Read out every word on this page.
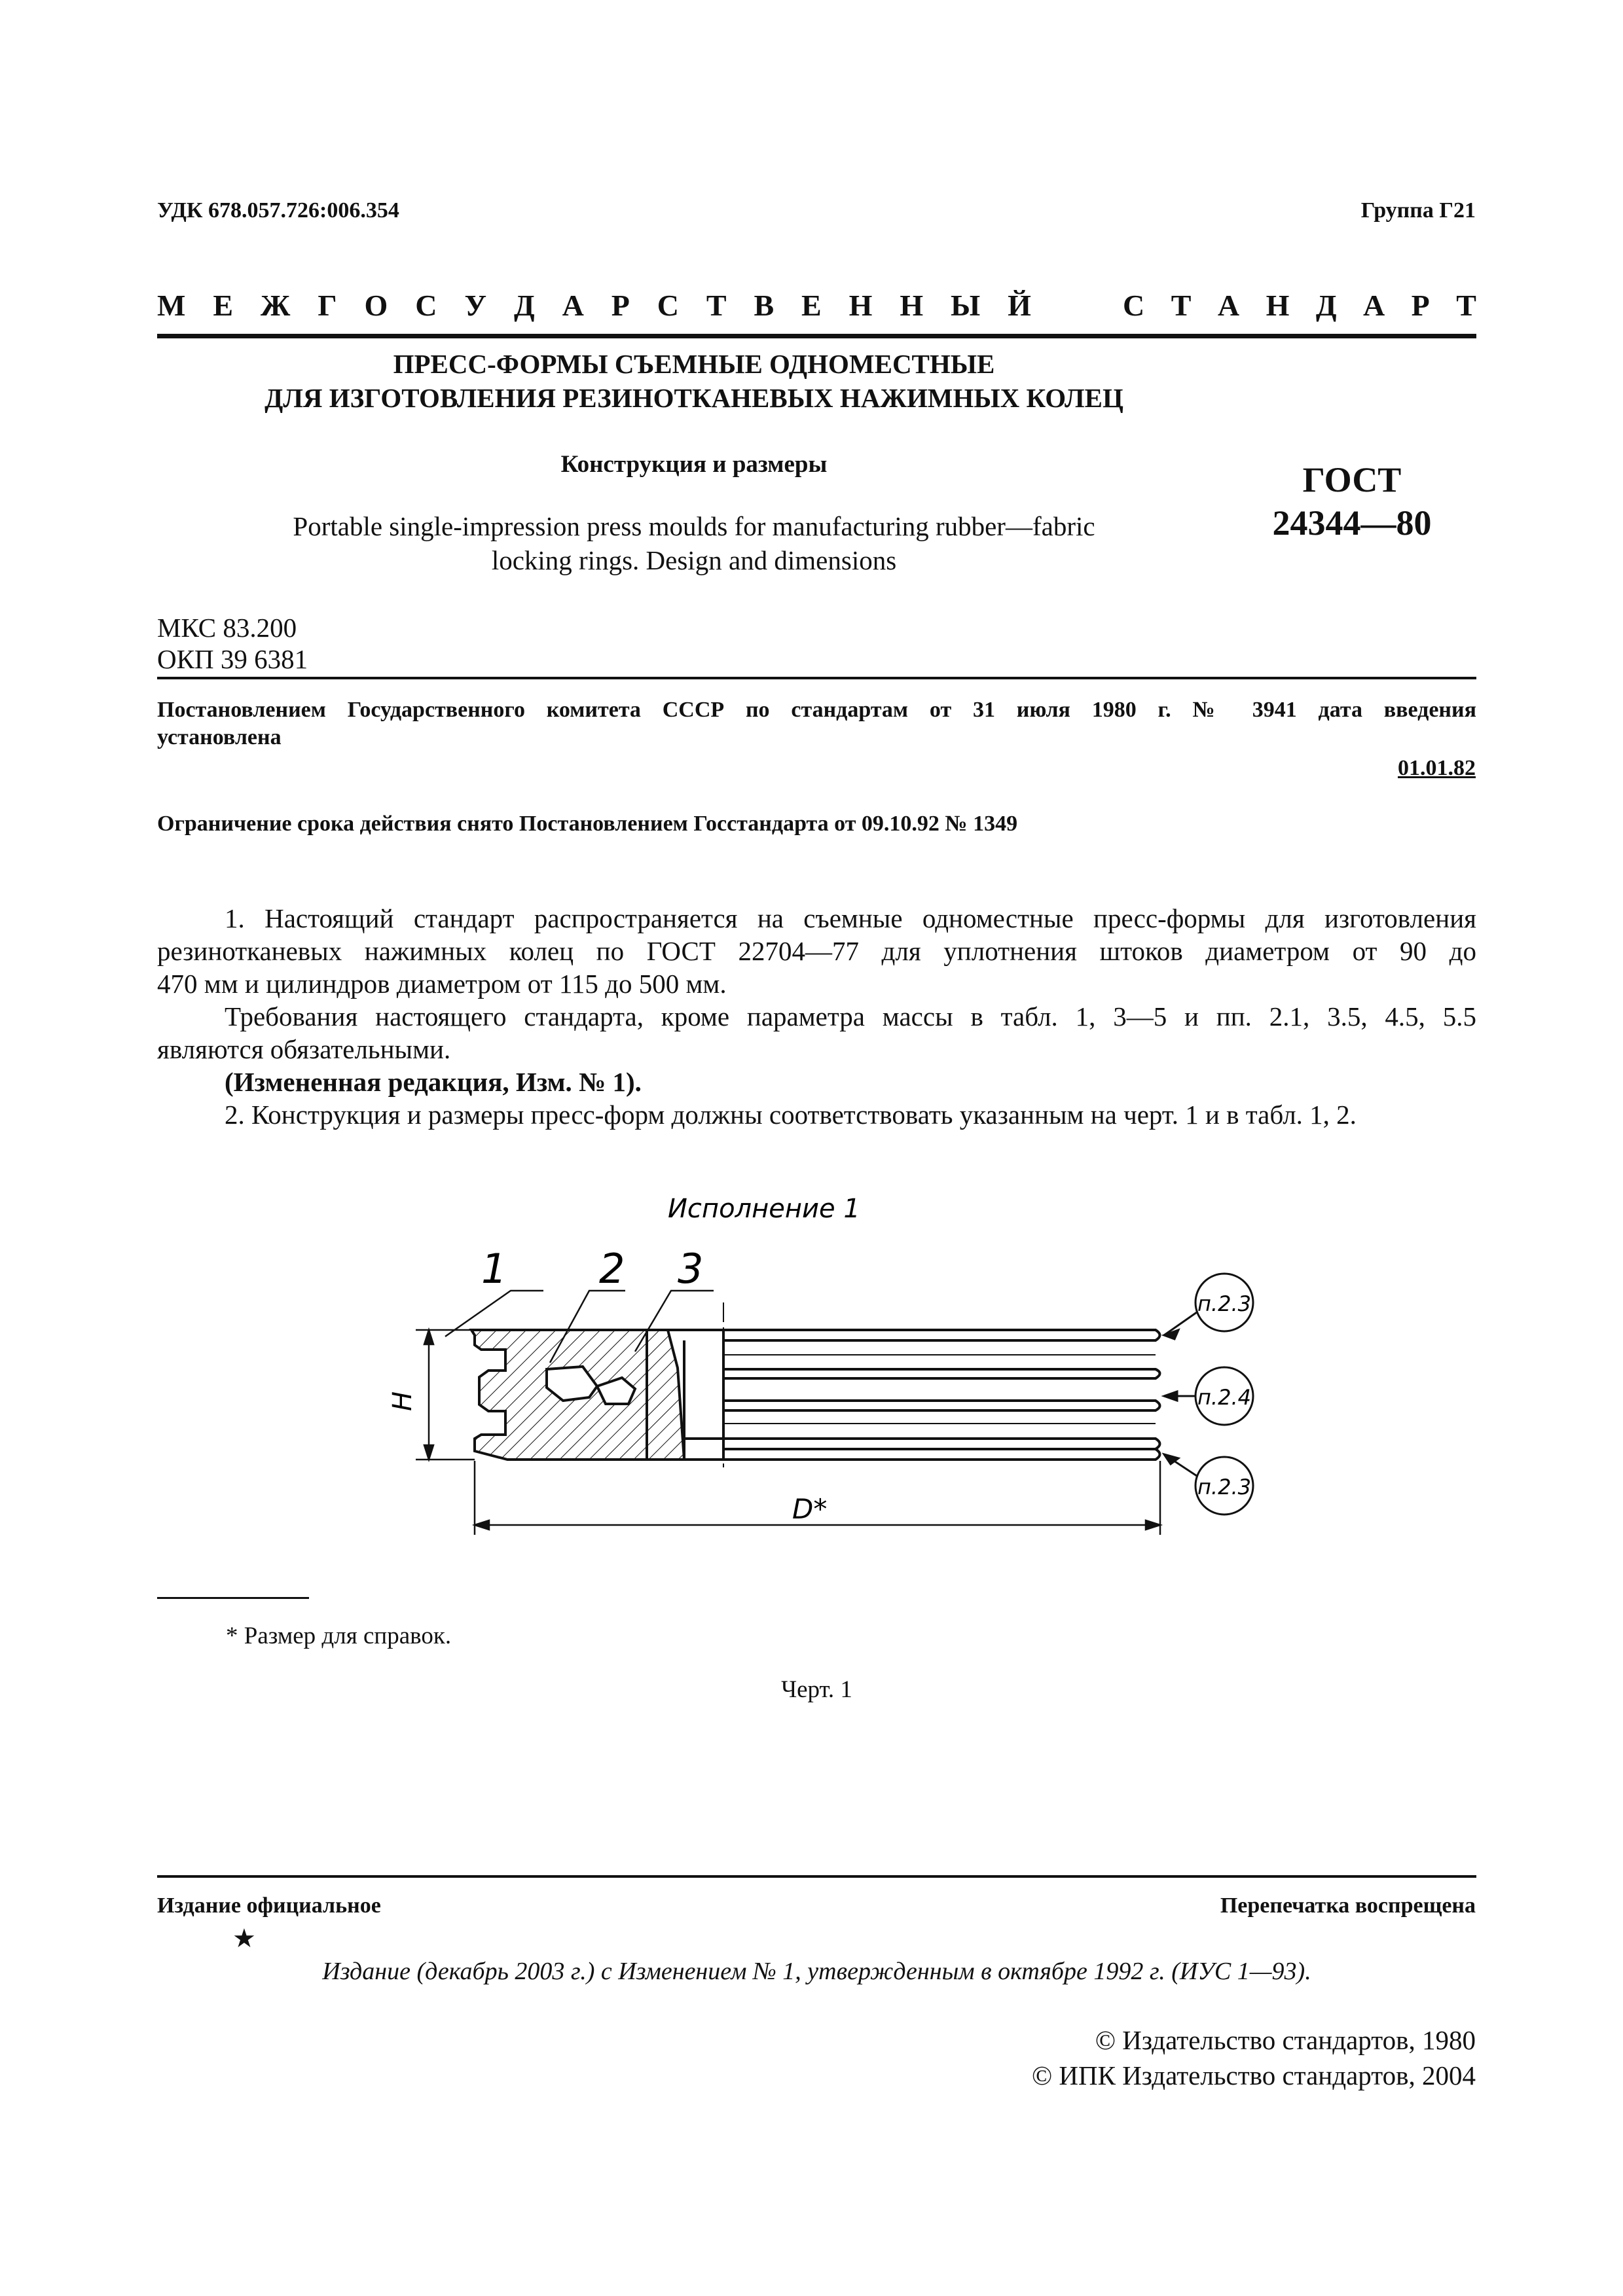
УДК 678.057.726:006.354	Группа Г21
М Е Ж Г О С У Д А Р С Т В Е Н Н Ы Й	С Т А Н Д А Р Т
ПРЕСС-ФОРМЫ СЪЕМНЫЕ ОДНОМЕСТНЫЕ
ДЛЯ ИЗГОТОВЛЕНИЯ РЕЗИНОТКАНЕВЫХ НАЖИМНЫХ КОЛЕЦ
Конструкция и размеры
Portable single-impression press moulds for manufacturing rubber—fabric
locking rings. Design and dimensions
ГОСТ
24344—80
МКС 83.200
ОКП 39 6381
Постановлением Государственного комитета СССР по стандартам от 31 июля 1980 г. № 3941 дата введения
установлена
01.01.82
Ограничение срока действия снято Постановлением Госстандарта от 09.10.92 № 1349
1. Настоящий стандарт распространяется на съемные одноместные пресс-формы для изготовления
резинотканевых нажимных колец по ГОСТ 22704—77 для уплотнения штоков диаметром от 90 до
470 мм и цилиндров диаметром от 115 до 500 мм.
Требования настоящего стандарта, кроме параметра массы в табл. 1, 3—5 и пп. 2.1, 3.5, 4.5, 5.5
являются обязательными.
(Измененная редакция, Изм. № 1).
2. Конструкция и размеры пресс-форм должны соответствовать указанным на черт. 1 и в табл. 1, 2.
Исполнение 1
1 2 3
H
D*
п.2.3
п.2.4
п.2.3
* Размер для справок.
Черт. 1
Издание официальное	Перепечатка воспрещена
★
Издание (декабрь 2003 г.) с Изменением № 1, утвержденным в октябре 1992 г. (ИУС 1—93).
© Издательство стандартов, 1980
© ИПК Издательство стандартов, 2004
